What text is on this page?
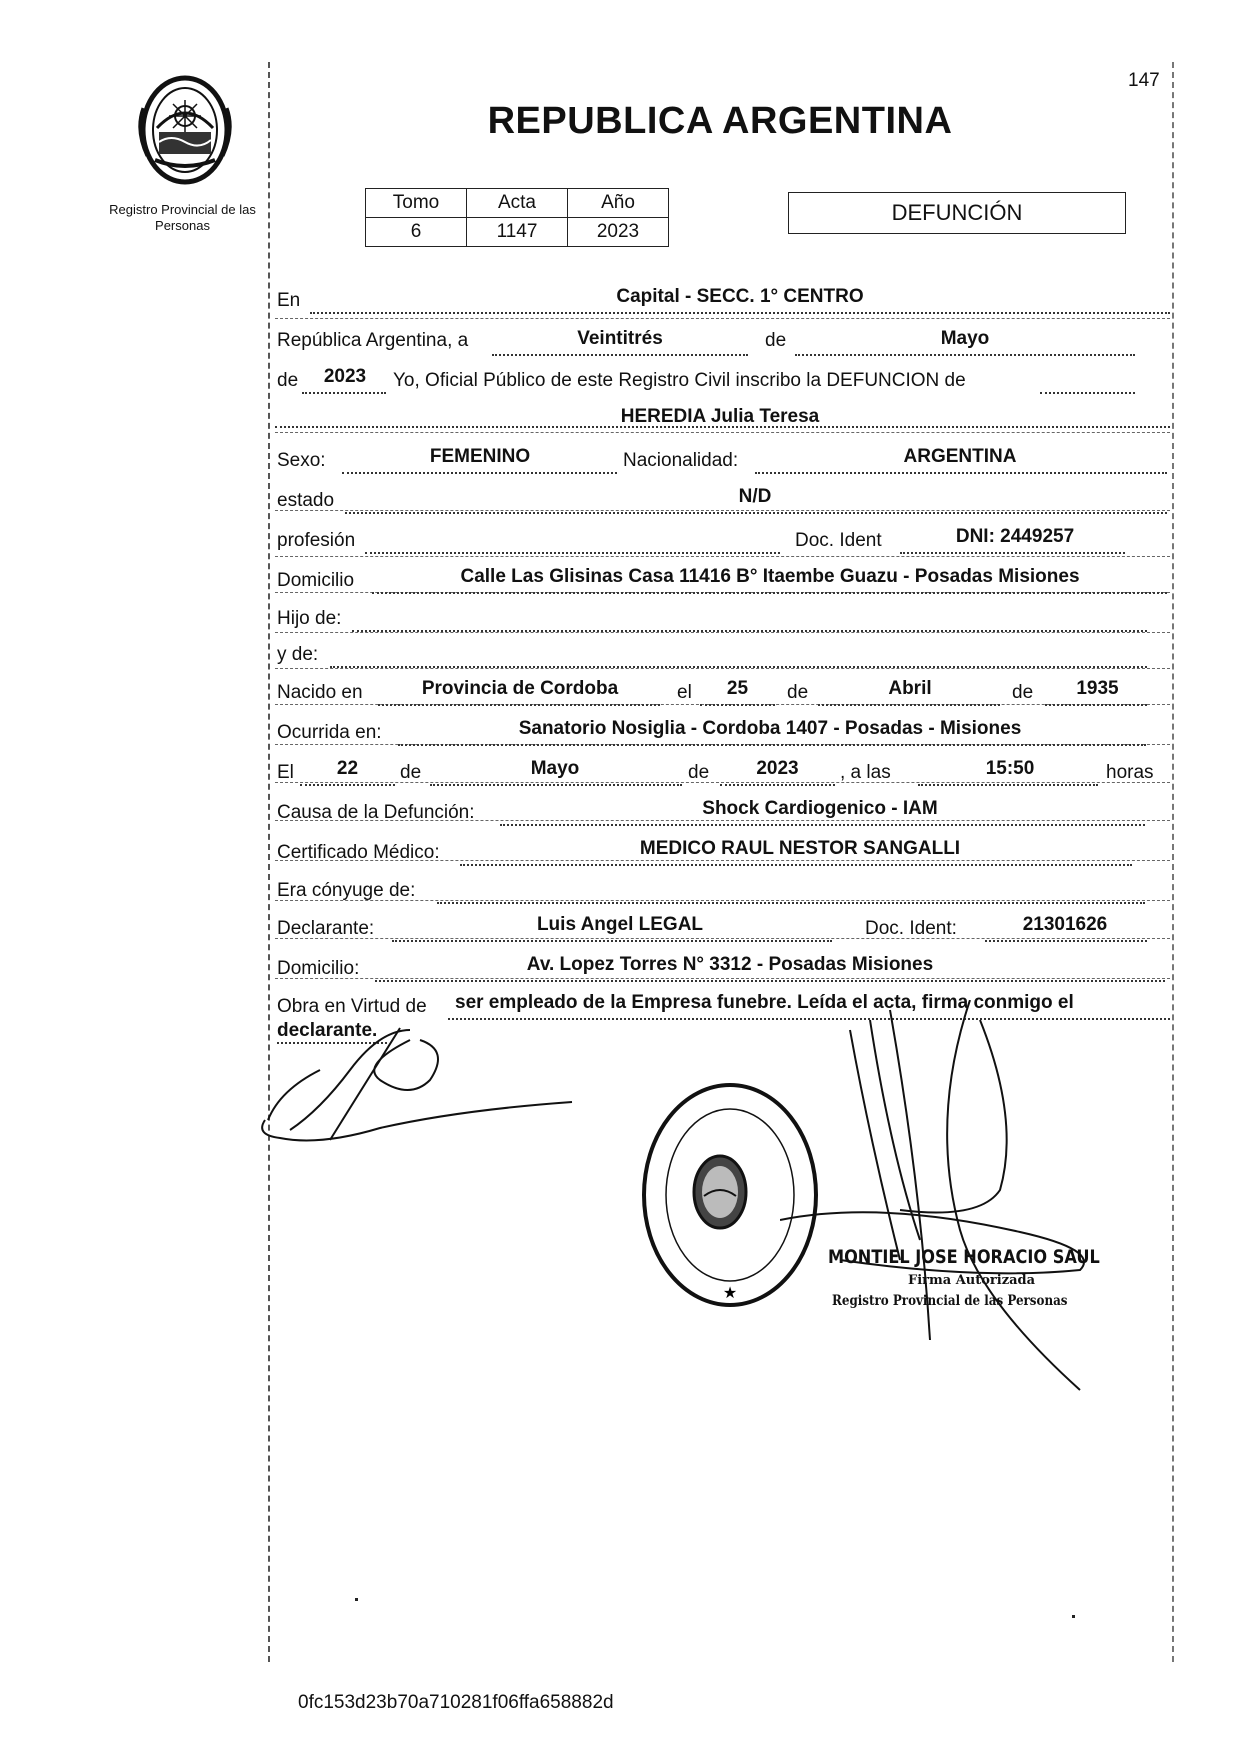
Registro Provincial de las Personas
147
REPUBLICA ARGENTINA
Tomo	Acta	Año
6	1147	2023
DEFUNCIÓN
En	Capital - SECC. 1° CENTRO
República Argentina, a	Veintitrés	de	Mayo
de	2023	Yo, Oficial Público de este Registro Civil inscribo la DEFUNCION de
HEREDIA Julia Teresa
Sexo:	FEMENINO	Nacionalidad:	ARGENTINA
estado	N/D
profesión	Doc. Ident	DNI: 2449257
Domicilio	Calle Las Glisinas Casa 11416 B° Itaembe Guazu - Posadas Misiones
Hijo de:
y de:
Nacido en	Provincia de Cordoba	el	25	de	Abril	de	1935
Ocurrida en:	Sanatorio Nosiglia - Cordoba 1407 - Posadas - Misiones
El	22	de	Mayo	de	2023	, a las	15:50	horas
Causa de la Defunción:	Shock Cardiogenico - IAM
Certificado Médico:	MEDICO RAUL NESTOR SANGALLI
Era cónyuge de:
Declarante:	Luis Angel LEGAL	Doc. Ident:	21301626
Domicilio:	Av. Lopez Torres N° 3312 - Posadas Misiones
Obra en Virtud de ser empleado de la Empresa funebre. Leída el acta, firma conmigo el
declarante.
★
MONTIEL JOSE HORACIO SAUL
Firma Autorizada
Registro Provincial de las Personas
0fc153d23b70a710281f06ffa658882d
